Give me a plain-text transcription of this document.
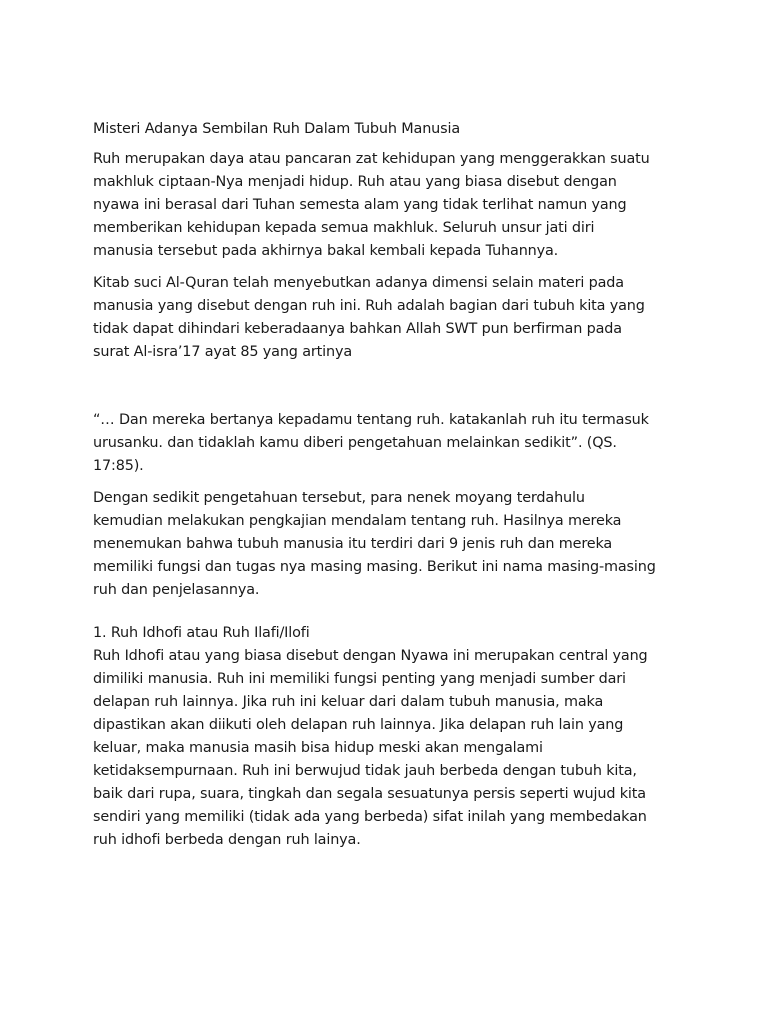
Misteri Adanya Sembilan Ruh Dalam Tubuh Manusia

Ruh merupakan daya atau pancaran zat kehidupan yang menggerakkan suatu
makhluk ciptaan-Nya menjadi hidup. Ruh atau yang biasa disebut dengan
nyawa ini berasal dari Tuhan semesta alam yang tidak terlihat namun yang
memberikan kehidupan kepada semua makhluk. Seluruh unsur jati diri
manusia tersebut pada akhirnya bakal kembali kepada Tuhannya.

Kitab suci Al-Quran telah menyebutkan adanya dimensi selain materi pada
manusia yang disebut dengan ruh ini. Ruh adalah bagian dari tubuh kita yang
tidak dapat dihindari keberadaanya bahkan Allah SWT pun berfirman pada
surat Al-isra’17 ayat 85 yang artinya

“… Dan mereka bertanya kepadamu tentang ruh. katakanlah ruh itu termasuk
urusanku. dan tidaklah kamu diberi pengetahuan melainkan sedikit”. (QS.
17:85).

Dengan sedikit pengetahuan tersebut, para nenek moyang terdahulu
kemudian melakukan pengkajian mendalam tentang ruh. Hasilnya mereka
menemukan bahwa tubuh manusia itu terdiri dari 9 jenis ruh dan mereka
memiliki fungsi dan tugas nya masing masing. Berikut ini nama masing-masing
ruh dan penjelasannya.

1. Ruh Idhofi atau Ruh Ilafi/Ilofi

Ruh Idhofi atau yang biasa disebut dengan Nyawa ini merupakan central yang
dimiliki manusia. Ruh ini memiliki fungsi penting yang menjadi sumber dari
delapan ruh lainnya. Jika ruh ini keluar dari dalam tubuh manusia, maka
dipastikan akan diikuti oleh delapan ruh lainnya. Jika delapan ruh lain yang
keluar, maka manusia masih bisa hidup meski akan mengalami
ketidaksempurnaan. Ruh ini berwujud tidak jauh berbeda dengan tubuh kita,
baik dari rupa, suara, tingkah dan segala sesuatunya persis seperti wujud kita
sendiri yang memiliki (tidak ada yang berbeda) sifat inilah yang membedakan
ruh idhofi berbeda dengan ruh lainya.
